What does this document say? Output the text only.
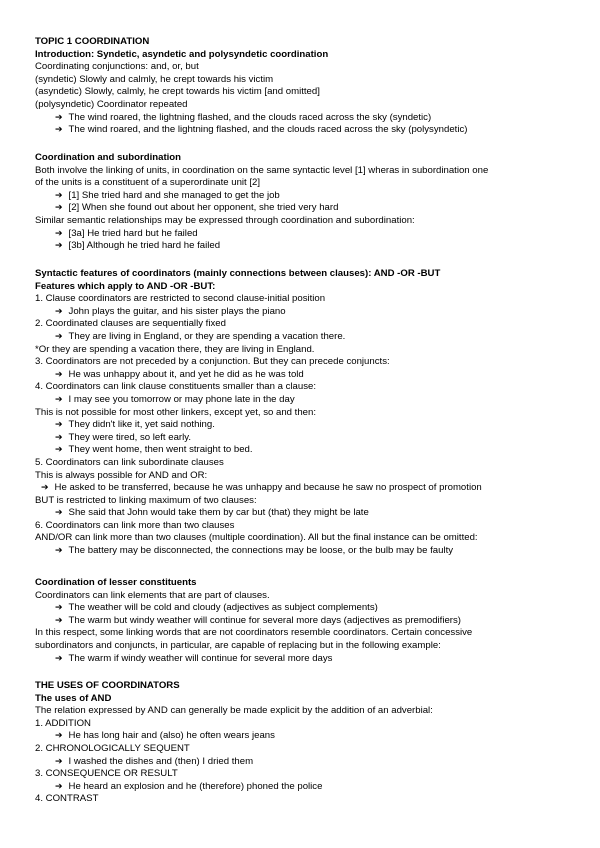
TOPIC 1 COORDINATION
Introduction: Syndetic, asyndetic and polysyndetic coordination
Coordinating conjunctions: and, or, but
(syndetic) Slowly and calmly, he crept towards his victim
(asyndetic) Slowly, calmly, he crept towards his victim [and omitted]
(polysyndetic) Coordinator repeated
➔ The wind roared, the lightning flashed, and the clouds raced across the sky (syndetic)
➔ The wind roared, and the lightning flashed, and the clouds raced across the sky (polysyndetic)
Coordination and subordination
Both involve the linking of units, in coordination on the same syntactic level [1] wheras in subordination one
of the units is a constituent of a superordinate unit [2]
➔ [1] She tried hard and she managed to get the job
➔ [2] When she found out about her opponent, she tried very hard
Similar semantic relationships may be expressed through coordination and subordination:
➔ [3a] He tried hard but he failed
➔ [3b] Although he tried hard he failed
Syntactic features of coordinators (mainly connections between clauses): AND -OR -BUT
Features which apply to AND -OR -BUT:
1. Clause coordinators are restricted to second clause-initial position
➔ John plays the guitar, and his sister plays the piano
2. Coordinated clauses are sequentially fixed
➔ They are living in England, or they are spending a vacation there.
*Or they are spending a vacation there, they are living in England.
3. Coordinators are not preceded by a conjunction. But they can precede conjuncts:
➔ He was unhappy about it, and yet he did as he was told
4. Coordinators can link clause constituents smaller than a clause:
➔ I may see you tomorrow or may phone late in the day
This is not possible for most other linkers, except yet, so and then:
➔ They didn't like it, yet said nothing.
➔ They were tired, so left early.
➔ They went home, then went straight to bed.
5. Coordinators can link subordinate clauses
This is always possible for AND and OR:
➔ He asked to be transferred, because he was unhappy and because he saw no prospect of promotion
BUT is restricted to linking maximum of two clauses:
➔ She said that John would take them by car but (that) they might be late
6. Coordinators can link more than two clauses
AND/OR can link more than two clauses (multiple coordination). All but the final instance can be omitted:
➔ The battery may be disconnected, the connections may be loose, or the bulb may be faulty
Coordination of lesser constituents
Coordinators can link elements that are part of clauses.
➔ The weather will be cold and cloudy (adjectives as subject complements)
➔ The warm but windy weather will continue for several more days (adjectives as premodifiers)
In this respect, some linking words that are not coordinators resemble coordinators. Certain concessive
subordinators and conjuncts, in particular, are capable of replacing but in the following example:
➔ The warm if windy weather will continue for several more days
THE USES OF COORDINATORS
The uses of AND
The relation expressed by AND can generally be made explicit by the addition of an adverbial:
1. ADDITION
➔ He has long hair and (also) he often wears jeans
2. CHRONOLOGICALLY SEQUENT
➔ I washed the dishes and (then) I dried them
3. CONSEQUENCE OR RESULT
➔ He heard an explosion and he (therefore) phoned the police
4. CONTRAST
